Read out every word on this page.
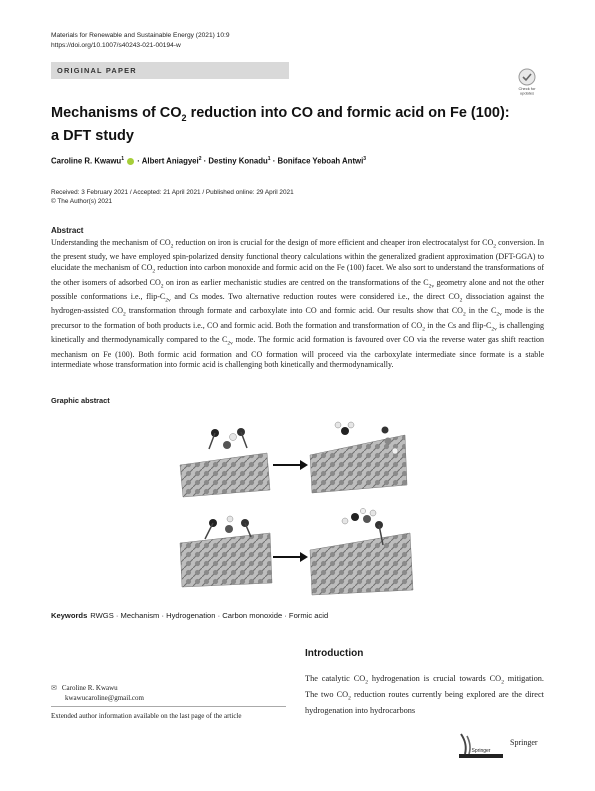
Materials for Renewable and Sustainable Energy (2021) 10:9
https://doi.org/10.1007/s40243-021-00194-w
ORIGINAL PAPER
Check for
updates
Mechanisms of $CO_2$ reduction into CO and formic acid on Fe (100):
a DFT study
Caroline R. Kwawu$^1$  · Albert Aniagyei$^2$ · Destiny Konadu$^1$ · Boniface Yeboah Antwi$^3$
Received: 3 February 2021 / Accepted: 21 April 2021 / Published online: 29 April 2021
© The Author(s) 2021
Abstract
Understanding the mechanism of $CO_2$ reduction on iron is crucial for the design of more efficient and cheaper iron electrocatalyst for $CO_2$ conversion. In the present study, we have employed spin-polarized density functional theory calculations within the generalized gradient approximation (DFT-GGA) to elucidate the mechanism of $CO_2$ reduction into carbon monoxide and formic acid on the Fe (100) facet. We also sort to understand the transformations of the other isomers of adsorbed $CO_2$ on iron as earlier mechanistic studies are centred on the transformations of the $C_{2v}$ geometry alone and not the other possible conformations i.e., flip-$C_{2v}$ and Cs modes. Two alternative reduction routes were considered i.e., the direct $CO_2$ dissociation against the hydrogen-assisted $CO_2$ transformation through formate and carboxylate into CO and formic acid. Our results show that $CO_2$ in the $C_{2v}$ mode is the precursor to the formation of both products i.e., CO and formic acid. Both the formation and transformation of $CO_2$ in the Cs and flip-$C_{2v}$ is challenging kinetically and thermodynamically compared to the $C_{2v}$ mode. The formic acid formation is favoured over CO via the reverse water gas shift reaction mechanism on Fe (100). Both formic acid formation and CO formation will proceed via the carboxylate intermediate since formate is a stable intermediate whose transformation into formic acid is challenging both kinetically and thermodynamically.
Graphic abstract
Keywords RWGS · Mechanism · Hydrogenation · Carbon monoxide · Formic acid
Introduction
The catalytic $CO_2$ hydrogenation is crucial towards $CO_2$ mitigation. The two $CO_2$ reduction routes currently being explored are the direct hydrogenation into hydrocarbons
✉ Caroline R. Kwawu
kwawucaroline@gmail.com
Extended author information available on the last page of the article
Springer
Springer
